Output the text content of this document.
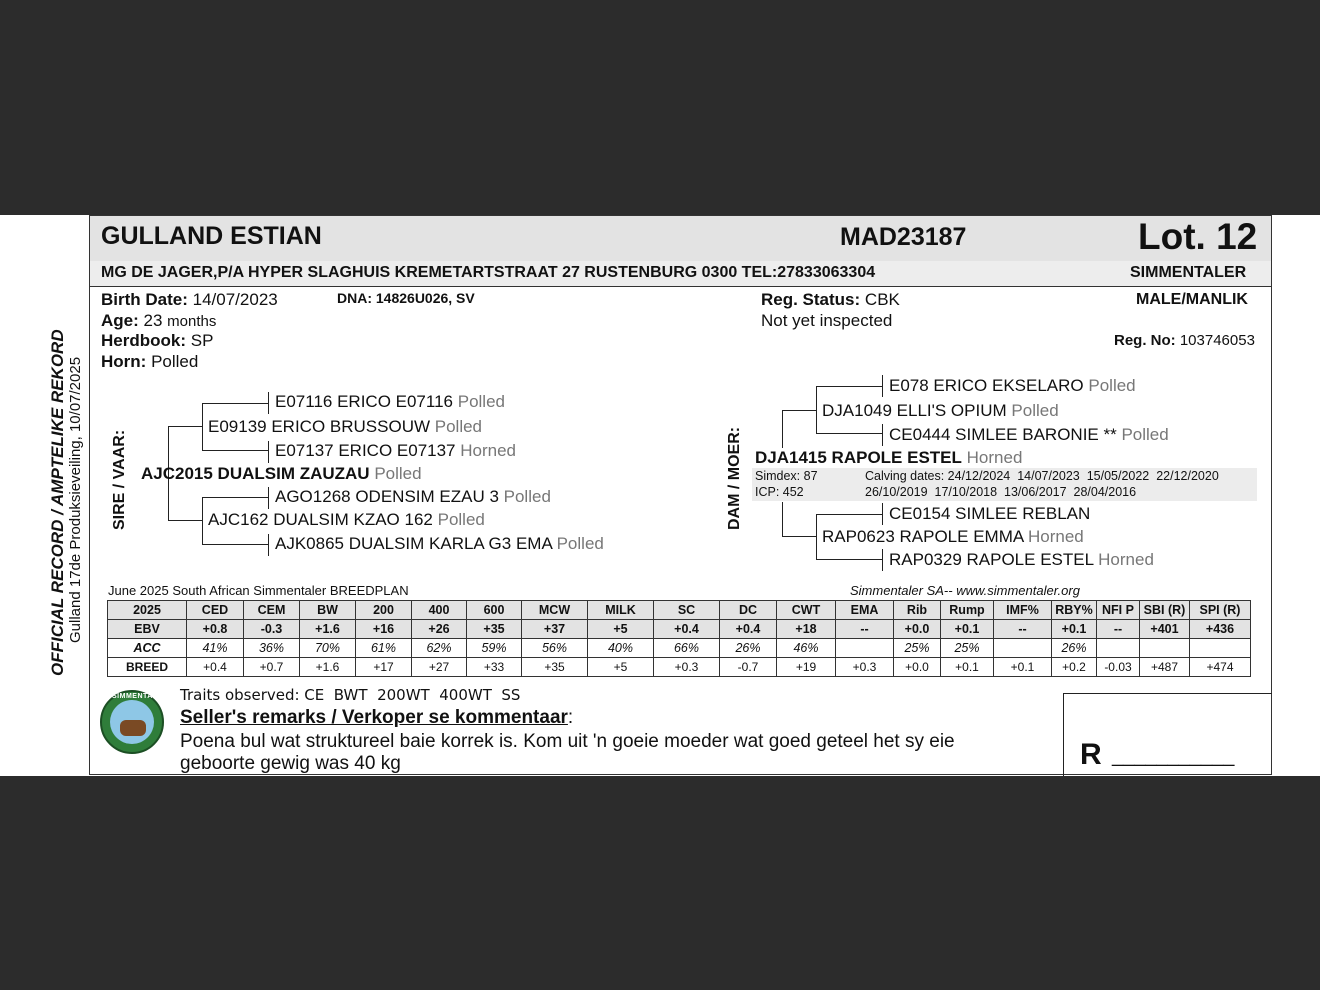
GULLAND ESTIAN	MAD23187	Lot. 12
MG DE JAGER,P/A HYPER SLAGHUIS KREMETARTSTRAAT 27 RUSTENBURG 0300 TEL:27833063304	SIMMENTALER
Birth Date: 14/07/2023	DNA: 14826U026, SV
Age: 23 months
Herdbook: SP
Horn: Polled
Reg. Status: CBK
Not yet inspected
MALE/MANLIK
Reg. No: 103746053
OFFICIAL RECORD / AMPTELIKE REKORD Gulland 17de Produksieveiling, 10/07/2025 SIRE / VAAR:	DAM / MOER:
E07116 ERICO E07116 Polled
E09139 ERICO BRUSSOUW Polled
E07137 ERICO E07137 Horned
AJC2015 DUALSIM ZAUZAU Polled
AGO1268 ODENSIM EZAU 3 Polled
AJC162 DUALSIM KZAO 162 Polled
AJK0865 DUALSIM KARLA G3 EMA Polled
E078 ERICO EKSELARO Polled
DJA1049 ELLI'S OPIUM Polled
CE0444 SIMLEE BARONIE ** Polled
DJA1415 RAPOLE ESTEL Horned
Simdex: 87
ICP: 452
Calving dates: 24/12/2024  14/07/2023  15/05/2022  22/12/2020
26/10/2019  17/10/2018  13/06/2017  28/04/2016
CE0154 SIMLEE REBLAN
RAP0623 RAPOLE EMMA Horned
RAP0329 RAPOLE ESTEL Horned
June 2025 South African Simmentaler BREEDPLAN	Simmentaler SA-- www.simmentaler.org
2025	CED	CEM	BW	200	400	600	MCW	MILK	SC	DC	CWT	EMA	Rib	Rump	IMF%	RBY%	NFI P	SBI (R)	SPI (R)
EBV	+0.8	-0.3	+1.6	+16	+26	+35	+37	+5	+0.4	+0.4	+18	--	+0.0	+0.1	--	+0.1	--	+401	+436
ACC	41%	36%	70%	61%	62%	59%	56%	40%	66%	26%	46%		25%	25%		26%			
BREED	+0.4	+0.7	+1.6	+17	+27	+33	+35	+5	+0.3	-0.7	+19	+0.3	+0.0	+0.1	+0.1	+0.2	-0.03	+487	+474
SIMMENTALER Traits observed: CE  BWT  200WT  400WT  SS
Seller's remarks / Verkoper se kommentaar:
Poena bul wat struktureel baie korrek is. Kom uit 'n goeie moeder wat goed geteel het sy eie
geboorte gewig was 40 kg	R ___________
